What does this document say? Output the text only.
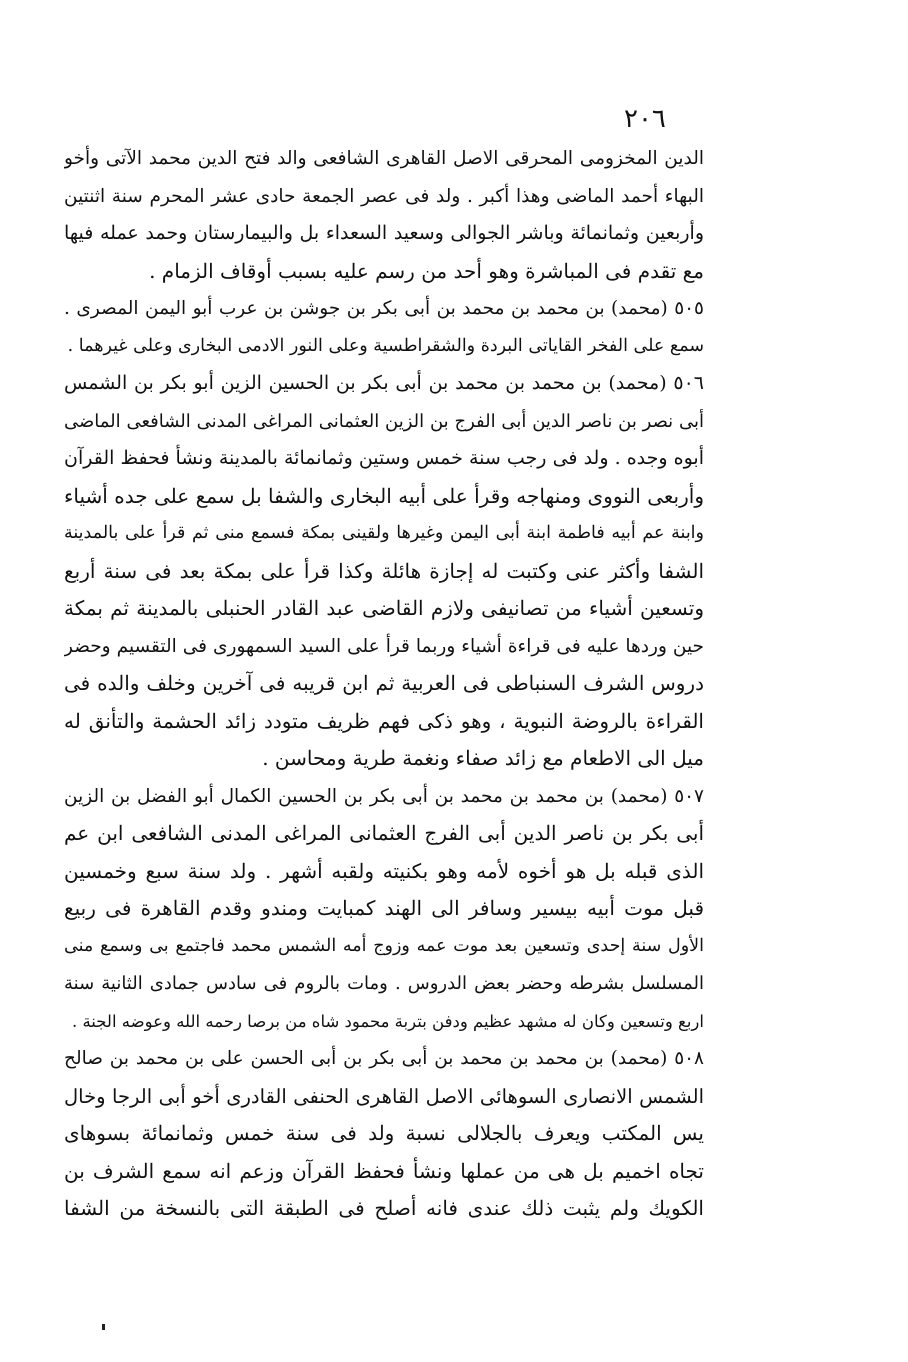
٢٠٦
الدين المخزومى المحرقى الاصل القاهرى الشافعى والد فتح الدين محمد الآتى وأخو
البهاء أحمد الماضى وهذا أكبر . ولد فى عصر الجمعة حادى عشر المحرم سنة اثنتين
وأربعين وثمانمائة وباشر الجوالى وسعيد السعداء بل والبيمارستان وحمد عمله فيها
مع تقدم فى المباشرة وهو أحد من رسم عليه بسبب أوقاف الزمام .
٥٠٥ (محمد) بن محمد بن محمد بن أبى بكر بن جوشن بن عرب أبو اليمن المصرى .
سمع على الفخر القاياتى البردة والشقراطسية وعلى النور الادمى البخارى وعلى غيرهما .
٥٠٦ (محمد) بن محمد بن محمد بن أبى بكر بن الحسين الزين أبو بكر بن الشمس
أبى نصر بن ناصر الدين أبى الفرج بن الزين العثمانى المراغى المدنى الشافعى الماضى
أبوه وجده . ولد فى رجب سنة خمس وستين وثمانمائة بالمدينة ونشأ فحفظ القرآن
وأربعى النووى ومنهاجه وقرأ على أبيه البخارى والشفا بل سمع على جده أشياء
وابنة عم أبيه فاطمة ابنة أبى اليمن وغيرها ولقينى بمكة فسمع منى ثم قرأ على بالمدينة
الشفا وأكثر عنى وكتبت له إجازة هائلة وكذا قرأ على بمكة بعد فى سنة أربع
وتسعين أشياء من تصانيفى ولازم القاضى عبد القادر الحنبلى بالمدينة ثم بمكة
حين وردها عليه فى قراءة أشياء وربما قرأ على السيد السمهورى فى التقسيم وحضر
دروس الشرف السنباطى فى العربية ثم ابن قريبه فى آخرين وخلف والده فى
القراءة بالروضة النبوية ، وهو ذكى فهم ظريف متودد زائد الحشمة والتأنق له
ميل الى الاطعام مع زائد صفاء ونغمة طرية ومحاسن .
٥٠٧ (محمد) بن محمد بن محمد بن أبى بكر بن الحسين الكمال أبو الفضل بن الزين
أبى بكر بن ناصر الدين أبى الفرج العثمانى المراغى المدنى الشافعى ابن عم
الذى قبله بل هو أخوه لأمه وهو بكنيته ولقبه أشهر . ولد سنة سبع وخمسين
قبل موت أبيه بيسير وسافر الى الهند كمبايت ومندو وقدم القاهرة فى ربيع
الأول سنة إحدى وتسعين بعد موت عمه وزوج أمه الشمس محمد فاجتمع بى وسمع منى
المسلسل بشرطه وحضر بعض الدروس . ومات بالروم فى سادس جمادى الثانية سنة
اربع وتسعين وكان له مشهد عظيم ودفن بتربة محمود شاه من برصا رحمه الله وعوضه الجنة .
٥٠٨ (محمد) بن محمد بن محمد بن أبى بكر بن أبى الحسن على بن محمد بن صالح
الشمس الانصارى السوهائى الاصل القاهرى الحنفى القادرى أخو أبى الرجا وخال
يس المكتب ويعرف بالجلالى نسبة ولد فى سنة خمس وثمانمائة بسوهاى
تجاه اخميم بل هى من عملها ونشأ فحفظ القرآن وزعم انه سمع الشرف بن
الكويك ولم يثبت ذلك عندى فانه أصلح فى الطبقة التى بالنسخة من الشفا
